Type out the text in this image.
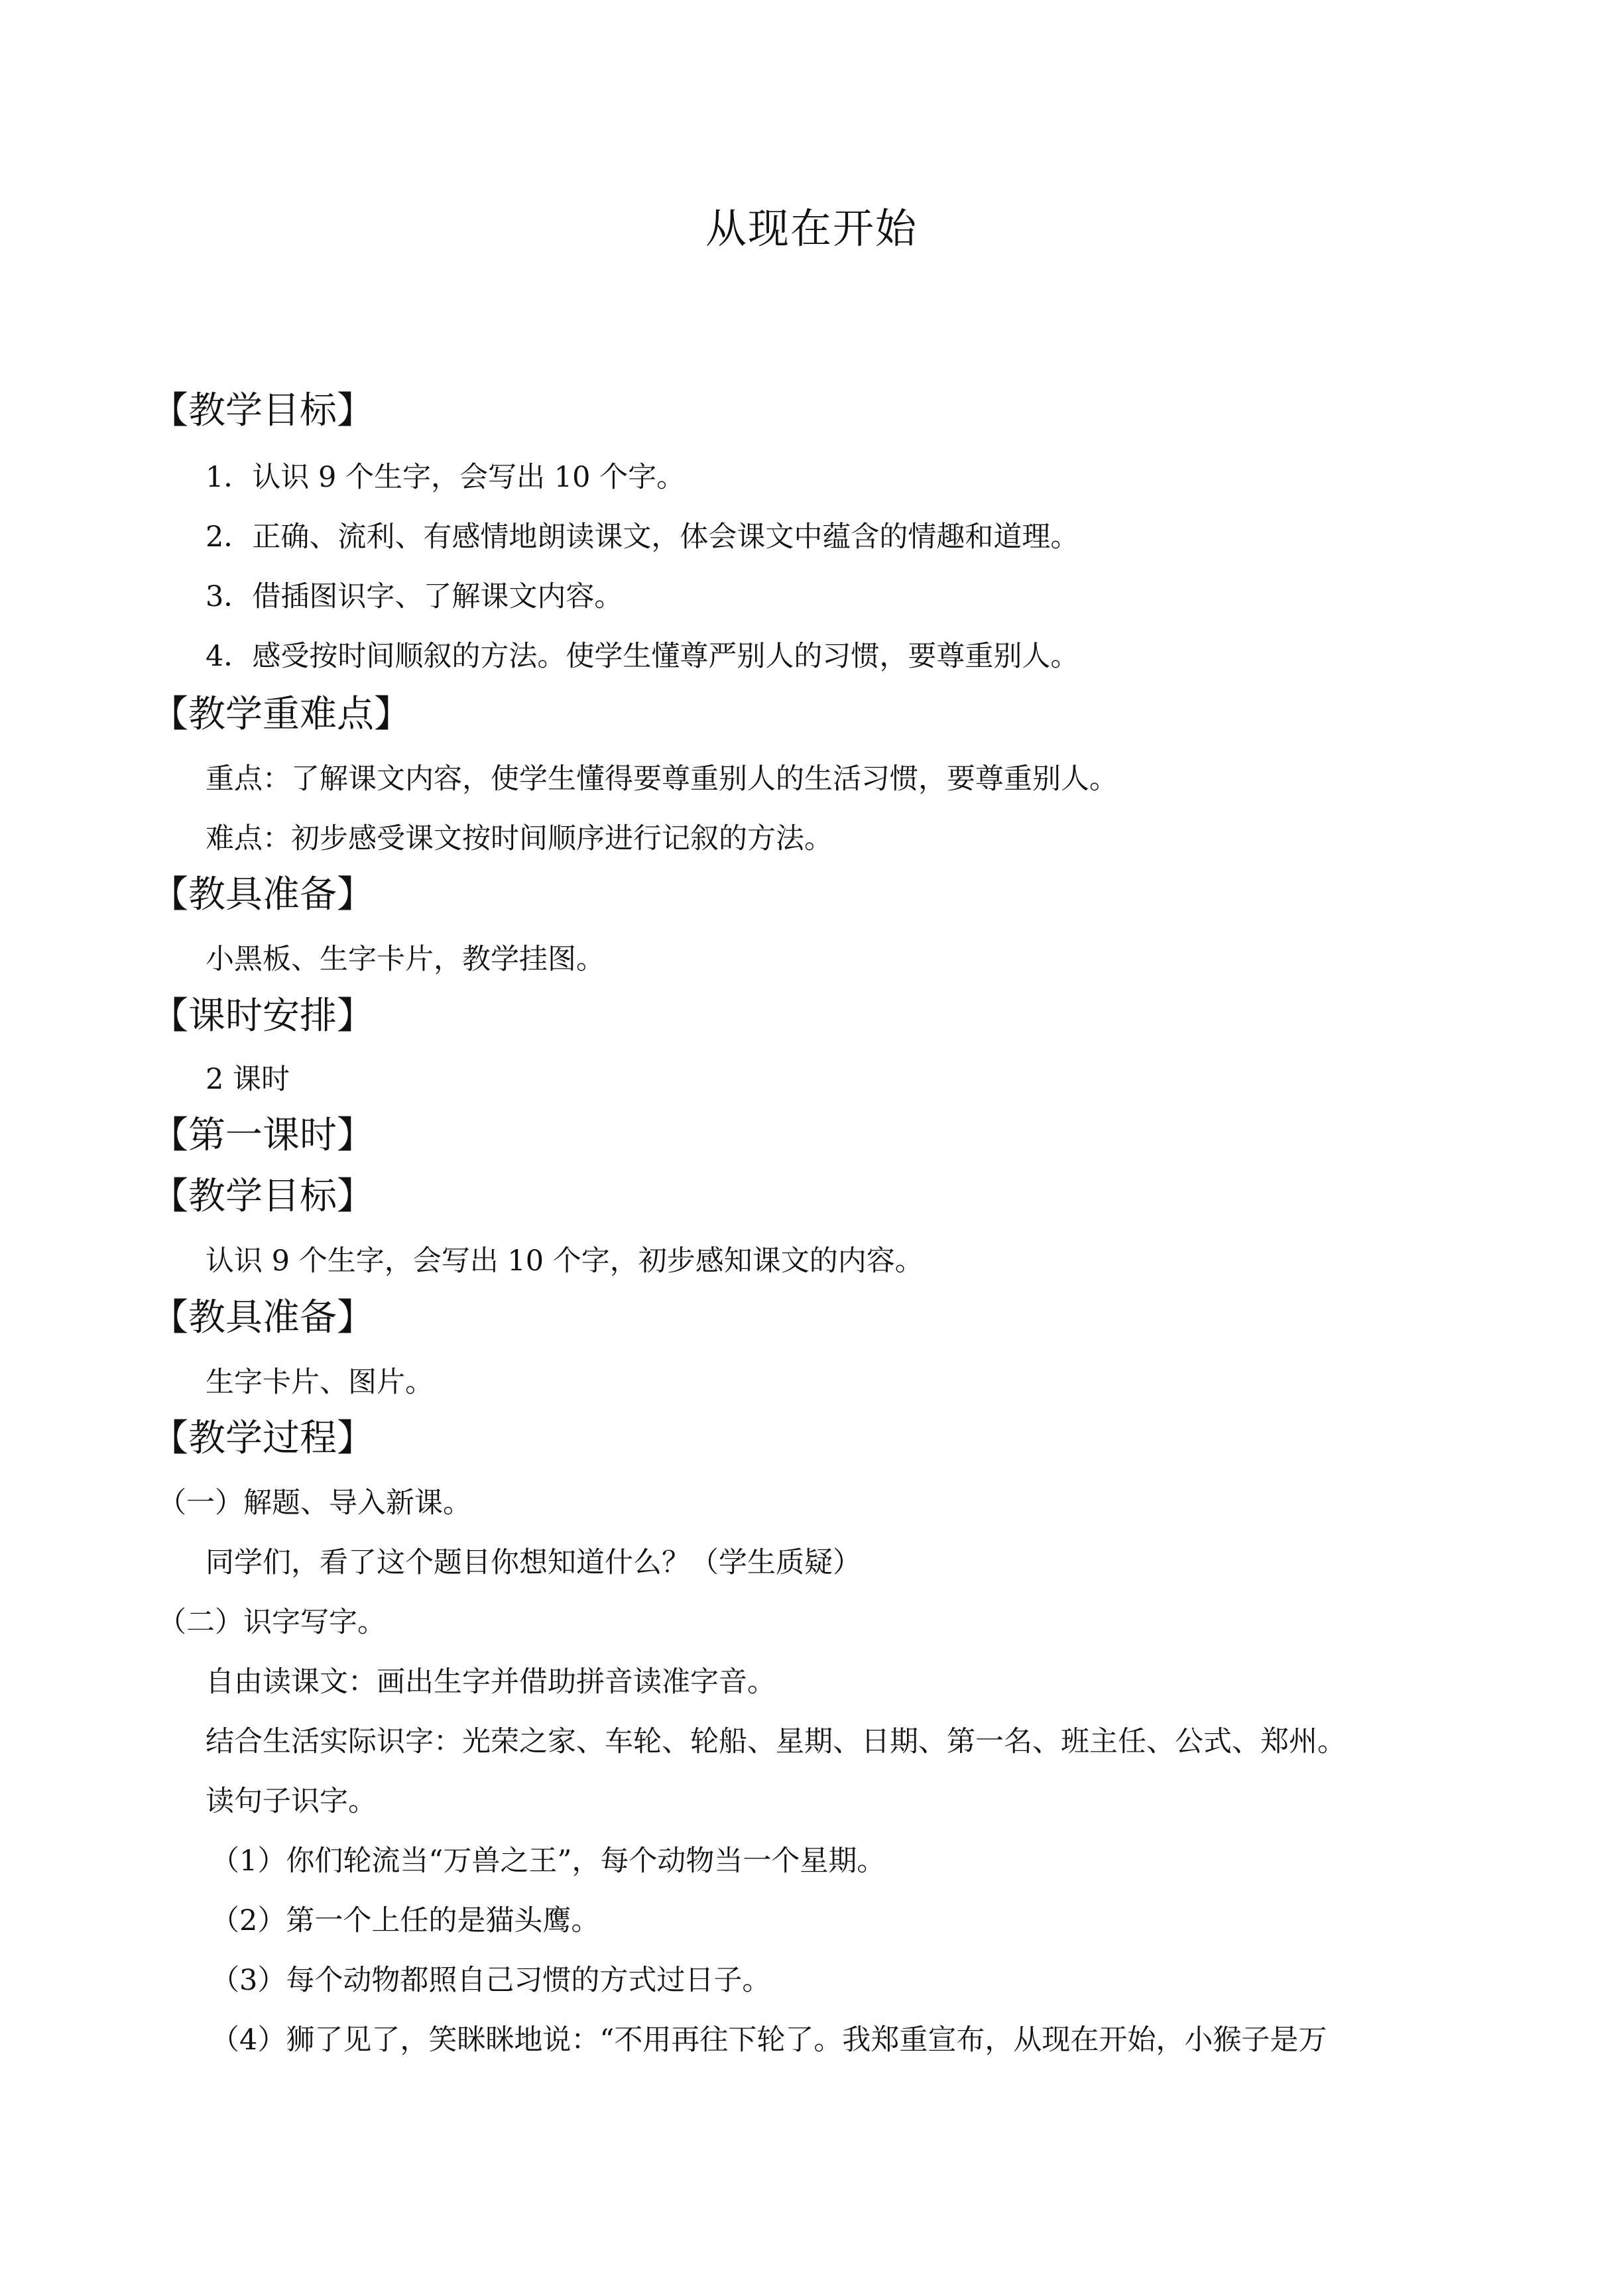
从现在开始
【教学目标】
1．认识 9 个生字，会写出 10 个字。
2．正确、流利、有感情地朗读课文，体会课文中蕴含的情趣和道理。
3．借插图识字、了解课文内容。
4．感受按时间顺叙的方法。使学生懂尊严别人的习惯，要尊重别人。
【教学重难点】
重点：了解课文内容，使学生懂得要尊重别人的生活习惯，要尊重别人。
难点：初步感受课文按时间顺序进行记叙的方法。
【教具准备】
小黑板、生字卡片，教学挂图。
【课时安排】
2 课时
【第一课时】
【教学目标】
认识 9 个生字，会写出 10 个字，初步感知课文的内容。
【教具准备】
生字卡片、图片。
【教学过程】
（一）解题、导入新课。
同学们，看了这个题目你想知道什么？（学生质疑）
（二）识字写字。
自由读课文：画出生字并借助拼音读准字音。
结合生活实际识字：光荣之家、车轮、轮船、星期、日期、第一名、班主任、公式、郑州。
读句子识字。
（1）你们轮流当“万兽之王”，每个动物当一个星期。
（2）第一个上任的是猫头鹰。
（3）每个动物都照自己习惯的方式过日子。
（4）狮了见了，笑眯眯地说：“不用再往下轮了。我郑重宣布，从现在开始，小猴子是万
